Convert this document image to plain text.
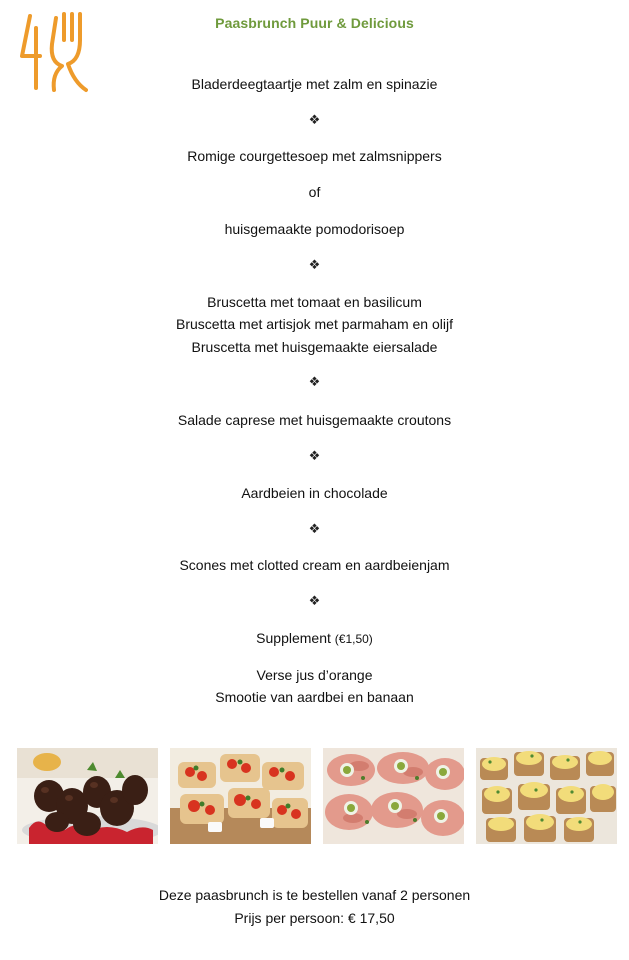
Paasbrunch Puur & Delicious
Bladerdeegtaartje met zalm en spinazie
❖
Romige courgettesoep met zalmsnippers
of
huisgemaakte pomodorisoep
❖
Bruscetta met tomaat en basilicum
Bruscetta met artisjok met parmaham en olijf
Bruscetta met huisgemaakte eiersalade
❖
Salade caprese met huisgemaakte croutons
❖
Aardbeien in chocolade
❖
Scones met clotted cream en aardbeienjam
❖
Supplement (€1,50)
Verse jus d’orange
Smootie van aardbei en banaan
Deze paasbrunch is te bestellen vanaf 2 personen
Prijs per persoon: € 17,50
